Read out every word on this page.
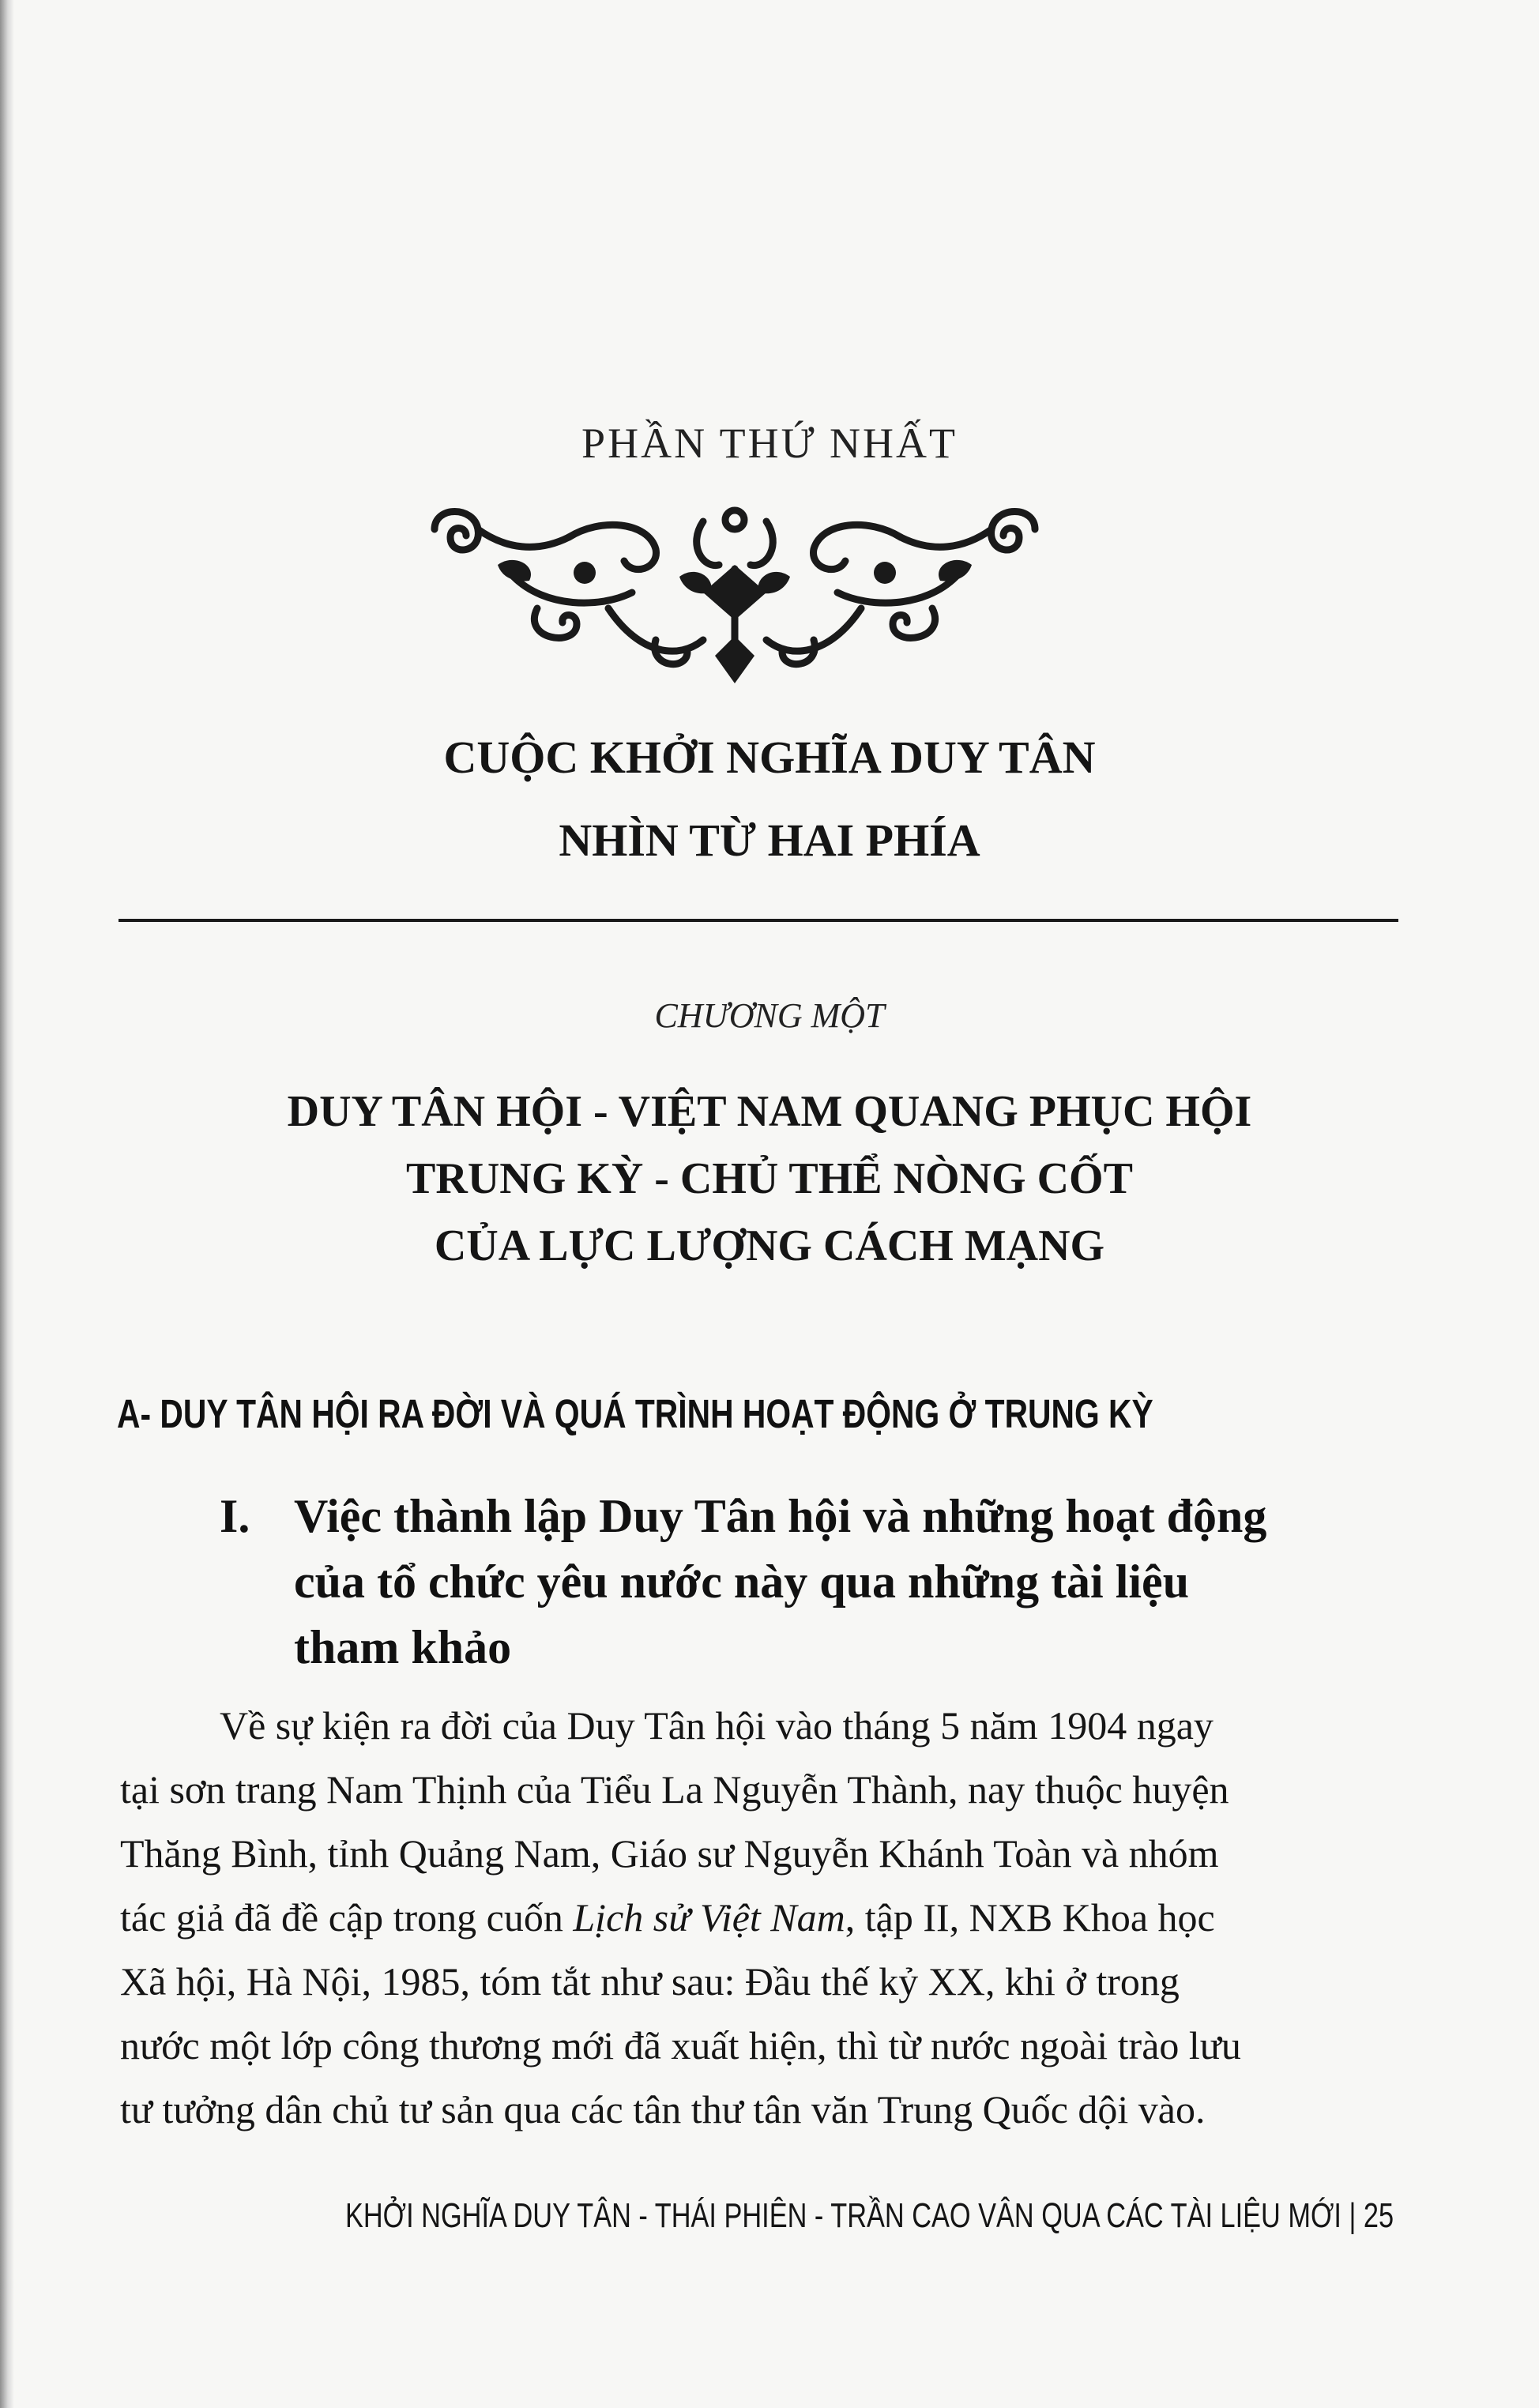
PHẦN THỨ NHẤT
CUỘC KHỞI NGHĨA DUY TÂN
NHÌN TỪ HAI PHÍA
CHƯƠNG MỘT
DUY TÂN HỘI - VIỆT NAM QUANG PHỤC HỘI
TRUNG KỲ - CHỦ THỂ NÒNG CỐT
CỦA LỰC LƯỢNG CÁCH MẠNG
A- DUY TÂN HỘI RA ĐỜI VÀ QUÁ TRÌNH HOẠT ĐỘNG Ở TRUNG KỲ
I. Việc thành lập Duy Tân hội và những hoạt động
của tổ chức yêu nước này qua những tài liệu
tham khảo
Về sự kiện ra đời của Duy Tân hội vào tháng 5 năm 1904 ngay
tại sơn trang Nam Thịnh của Tiểu La Nguyễn Thành, nay thuộc huyện
Thăng Bình, tỉnh Quảng Nam, Giáo sư Nguyễn Khánh Toàn và nhóm
tác giả đã đề cập trong cuốn Lịch sử Việt Nam, tập II, NXB Khoa học
Xã hội, Hà Nội, 1985, tóm tắt như sau: Đầu thế kỷ XX, khi ở trong
nước một lớp công thương mới đã xuất hiện, thì từ nước ngoài trào lưu
tư tưởng dân chủ tư sản qua các tân thư tân văn Trung Quốc dội vào.
KHỞI NGHĨA DUY TÂN - THÁI PHIÊN - TRẦN CAO VÂN QUA CÁC TÀI LIỆU MỚI | 25
